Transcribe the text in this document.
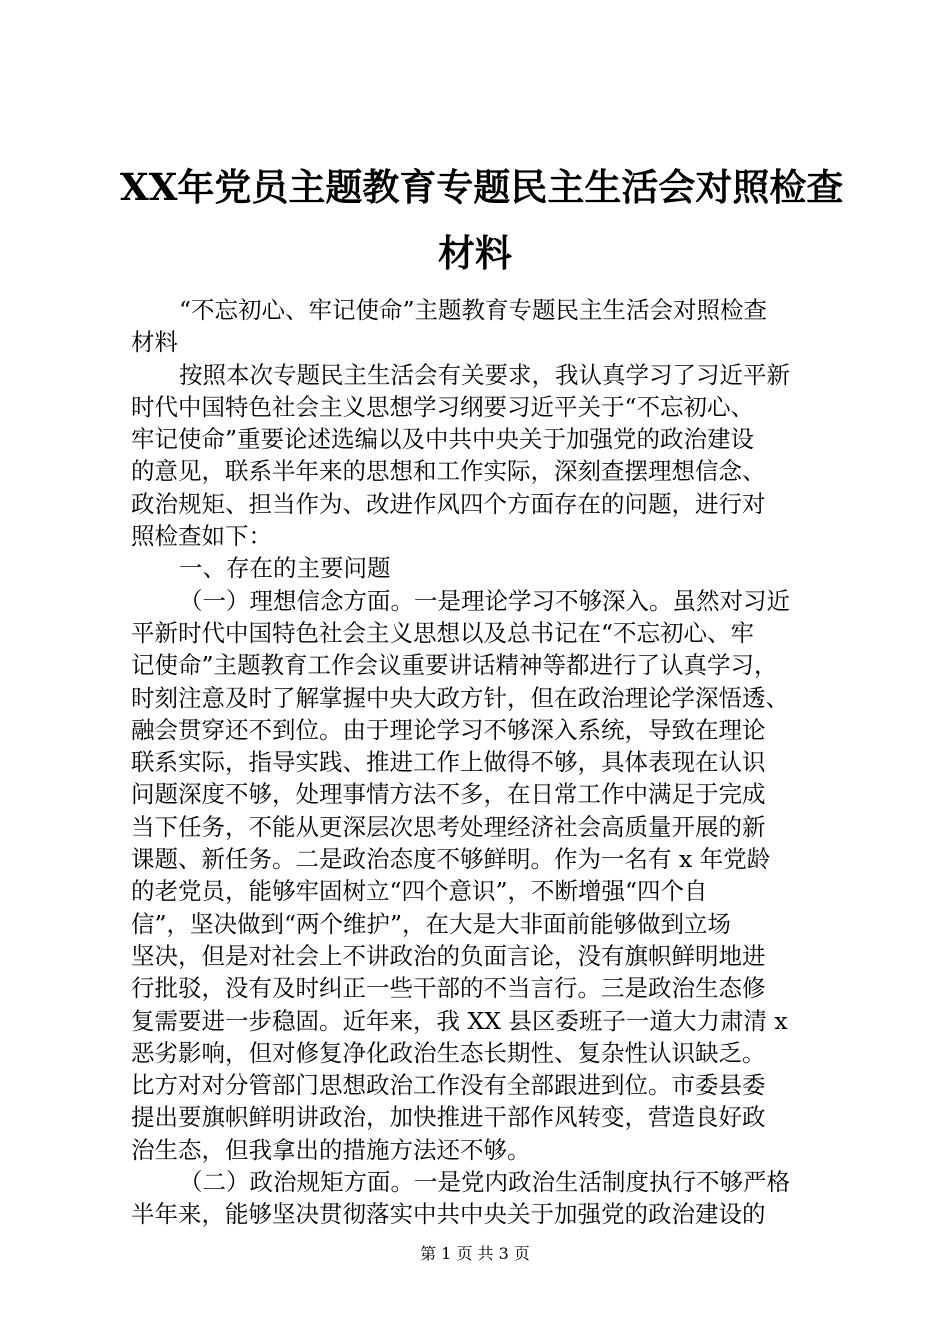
XX年党员主题教育专题民主生活会对照检查
材料
“不忘初心、牢记使命”主题教育专题民主生活会对照检查
材料
按照本次专题民主生活会有关要求，我认真学习了习近平新
时代中国特色社会主义思想学习纲要习近平关于“不忘初心、
牢记使命”重要论述选编以及中共中央关于加强党的政治建设
的意见，联系半年来的思想和工作实际，深刻查摆理想信念、
政治规矩、担当作为、改进作风四个方面存在的问题，进行对
照检查如下：
一、存在的主要问题
（一）理想信念方面。一是理论学习不够深入。虽然对习近
平新时代中国特色社会主义思想以及总书记在“不忘初心、牢
记使命”主题教育工作会议重要讲话精神等都进行了认真学习，
时刻注意及时了解掌握中央大政方针，但在政治理论学深悟透、
融会贯穿还不到位。由于理论学习不够深入系统，导致在理论
联系实际，指导实践、推进工作上做得不够，具体表现在认识
问题深度不够，处理事情方法不多，在日常工作中满足于完成
当下任务，不能从更深层次思考处理经济社会高质量开展的新
课题、新任务。二是政治态度不够鲜明。作为一名有 x 年党龄
的老党员，能够牢固树立“四个意识”，不断增强“四个自
信”，坚决做到“两个维护”，在大是大非面前能够做到立场
坚决，但是对社会上不讲政治的负面言论，没有旗帜鲜明地进
行批驳，没有及时纠正一些干部的不当言行。三是政治生态修
复需要进一步稳固。近年来，我 XX 县区委班子一道大力肃清 x
恶劣影响，但对修复净化政治生态长期性、复杂性认识缺乏。
比方对对分管部门思想政治工作没有全部跟进到位。市委县委
提出要旗帜鲜明讲政治，加快推进干部作风转变，营造良好政
治生态，但我拿出的措施方法还不够。
（二）政治规矩方面。一是党内政治生活制度执行不够严格
半年来，能够坚决贯彻落实中共中央关于加强党的政治建设的
第 1 页 共 3 页
